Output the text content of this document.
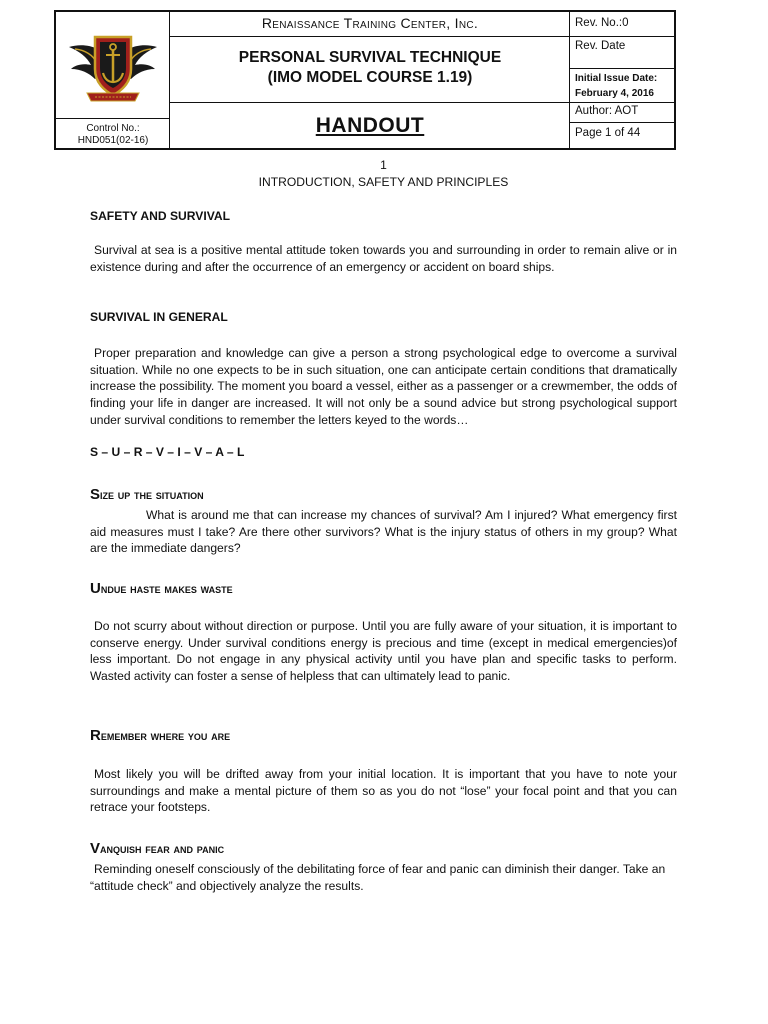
Control No.:
HND051(02-16)
Renaissance Training Center, Inc.
PERSONAL SURVIVAL TECHNIQUE
(IMO MODEL COURSE 1.19)
HANDOUT
Rev. No.:0
Rev. Date
Initial Issue Date:
February 4, 2016
Author: AOT
Page 1 of 44
1
INTRODUCTION, SAFETY AND PRINCIPLES
SAFETY AND SURVIVAL
Survival at sea is a positive mental attitude token towards you and surrounding in order to remain alive or in existence during and after the occurrence of an emergency or accident on board ships.
SURVIVAL IN GENERAL
Proper preparation and knowledge can give a person a strong psychological edge to overcome a survival situation. While no one expects to be in such situation, one can anticipate certain conditions that dramatically increase the possibility. The moment you board a vessel, either as a passenger or a crewmember, the odds of finding your life in danger are increased. It will not only be a sound advice but strong psychological support under survival conditions to remember the letters keyed to the words…
S – U – R – V – I – V – A – L
Size up the situation
What is around me that can increase my chances of survival? Am I injured? What emergency first aid measures must I take? Are there other survivors? What is the injury status of others in my group? What are the immediate dangers?
Undue haste makes waste
Do not scurry about without direction or purpose. Until you are fully aware of your situation, it is important to conserve energy. Under survival conditions energy is precious and time (except in medical emergencies)of less important. Do not engage in any physical activity until you have plan and specific tasks to perform. Wasted activity can foster a sense of helpless that can ultimately lead to panic.
Remember where you are
Most likely you will be drifted away from your initial location. It is important that you have to note your surroundings and make a mental picture of them so as you do not “lose” your focal point and that you can retrace your footsteps.
Vanquish fear and panic
Reminding oneself consciously of the debilitating force of fear and panic can diminish their danger. Take an “attitude check” and objectively analyze the results.
